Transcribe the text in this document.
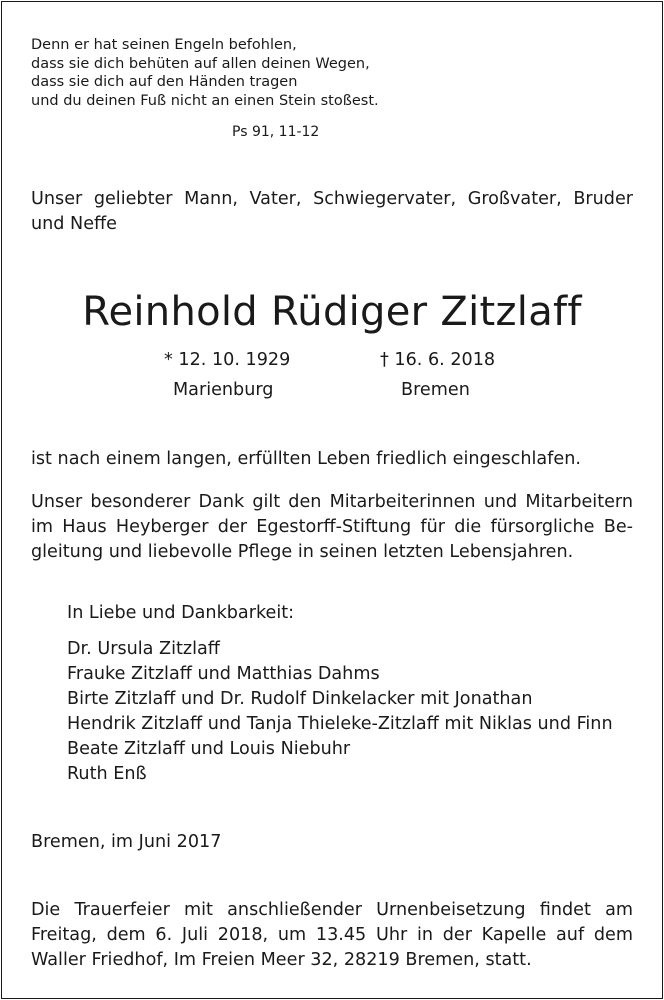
Denn er hat seinen Engeln befohlen,
dass sie dich behüten auf allen deinen Wegen,
dass sie dich auf den Händen tragen
und du deinen Fuß nicht an einen Stein stoßest.
Ps 91, 11-12
Unser geliebter Mann, Vater, Schwiegervater, Großvater, Bruder
und Neffe
Reinhold Rüdiger Zitzlaff
* 12. 10. 1929
Marienburg
† 16. 6. 2018
Bremen
ist nach einem langen, erfüllten Leben friedlich eingeschlafen.
Unser besonderer Dank gilt den Mitarbeiterinnen und Mitarbeitern
im Haus Heyberger der Egestorff-Stiftung für die fürsorgliche Be-
gleitung und liebevolle Pflege in seinen letzten Lebensjahren.
In Liebe und Dankbarkeit:
Dr. Ursula Zitzlaff
Frauke Zitzlaff und Matthias Dahms
Birte Zitzlaff und Dr. Rudolf Dinkelacker mit Jonathan
Hendrik Zitzlaff und Tanja Thieleke-Zitzlaff mit Niklas und Finn
Beate Zitzlaff und Louis Niebuhr
Ruth Enß
Bremen, im Juni 2017
Die Trauerfeier mit anschließender Urnenbeisetzung findet am
Freitag, dem 6. Juli 2018, um 13.45 Uhr in der Kapelle auf dem
Waller Friedhof, Im Freien Meer 32, 28219 Bremen, statt.
